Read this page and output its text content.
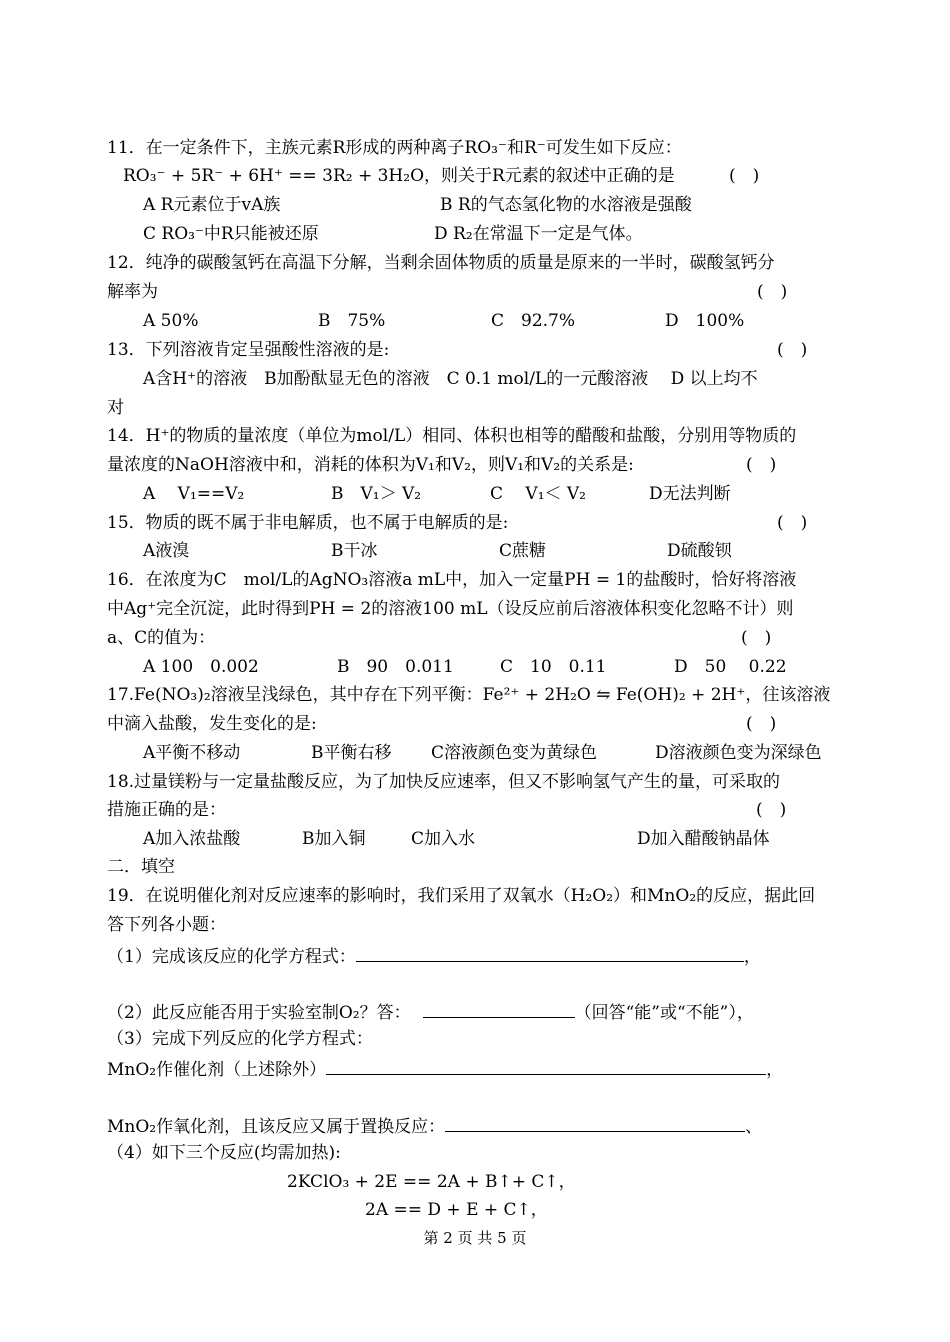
11．在一定条件下，主族元素R形成的两种离子RO₃⁻和R⁻可发生如下反应：
RO₃⁻ + 5R⁻ + 6H⁺ == 3R₂ + 3H₂O，则关于R元素的叙述中正确的是	(　)
A R元素位于ⅴA族	B R的气态氢化物的水溶液是强酸
C RO₃⁻中R只能被还原	D R₂在常温下一定是气体。
12．纯净的碳酸氢钙在高温下分解，当剩余固体物质的质量是原来的一半时，碳酸氢钙分
解率为	(　)
A 50%	B　75%	C　92.7%	D　100%
13．下列溶液肯定呈强酸性溶液的是:	(　)
A含H⁺的溶液　B加酚酞显无色的溶液　C 0.1 mol/L的一元酸溶液　 D 以上均不
对
14．H⁺的物质的量浓度（单位为mol/L）相同、体积也相等的醋酸和盐酸，分别用等物质的
量浓度的NaOH溶液中和，消耗的体积为V₁和V₂，则V₁和V₂的关系是:	(　)
A　 V₁==V₂	B　V₁＞ V₂	C　 V₁＜ V₂	D无法判断
15．物质的既不属于非电解质，也不属于电解质的是:	(　)
A液溴	B干冰	C蔗糖	D硫酸钡
16．在浓度为C　mol/L的AgNO₃溶液a mL中，加入一定量PH = 1的盐酸时，恰好将溶液
中Ag⁺完全沉淀，此时得到PH = 2的溶液100 mL（设反应前后溶液体积变化忽略不计）则
a、C的值为：	(　)
A 100　0.002	B　90　0.011	C　10　0.11	D　50　 0.22
17.Fe(NO₃)₂溶液呈浅绿色，其中存在下列平衡：Fe²⁺ + 2H₂O ⇋ Fe(OH)₂ + 2H⁺，往该溶液
中滴入盐酸，发生变化的是:	(　)
A平衡不移动	B平衡右移 C溶液颜色变为黄绿色	D溶液颜色变为深绿色
18.过量镁粉与一定量盐酸反应，为了加快反应速率，但又不影响氢气产生的量，可采取的
措施正确的是：	(　)
A加入浓盐酸	B加入铜	C加入水	D加入醋酸钠晶体
二．填空
19．在说明催化剂对反应速率的影响时，我们采用了双氧水（H₂O₂）和MnO₂的反应，据此回
答下列各小题：
（1）完成该反应的化学方程式：	，
（2）此反应能否用于实验室制O₂？答：	（回答“能”或“不能”），
（3）完成下列反应的化学方程式：
MnO₂作催化剂（上述除外）	，
MnO₂作氧化剂，且该反应又属于置换反应：	、
（4）如下三个反应(均需加热):
2KClO₃ + 2E == 2A + B↑+ C↑，
2A == D + E + C↑，
第 2 页 共 5 页
